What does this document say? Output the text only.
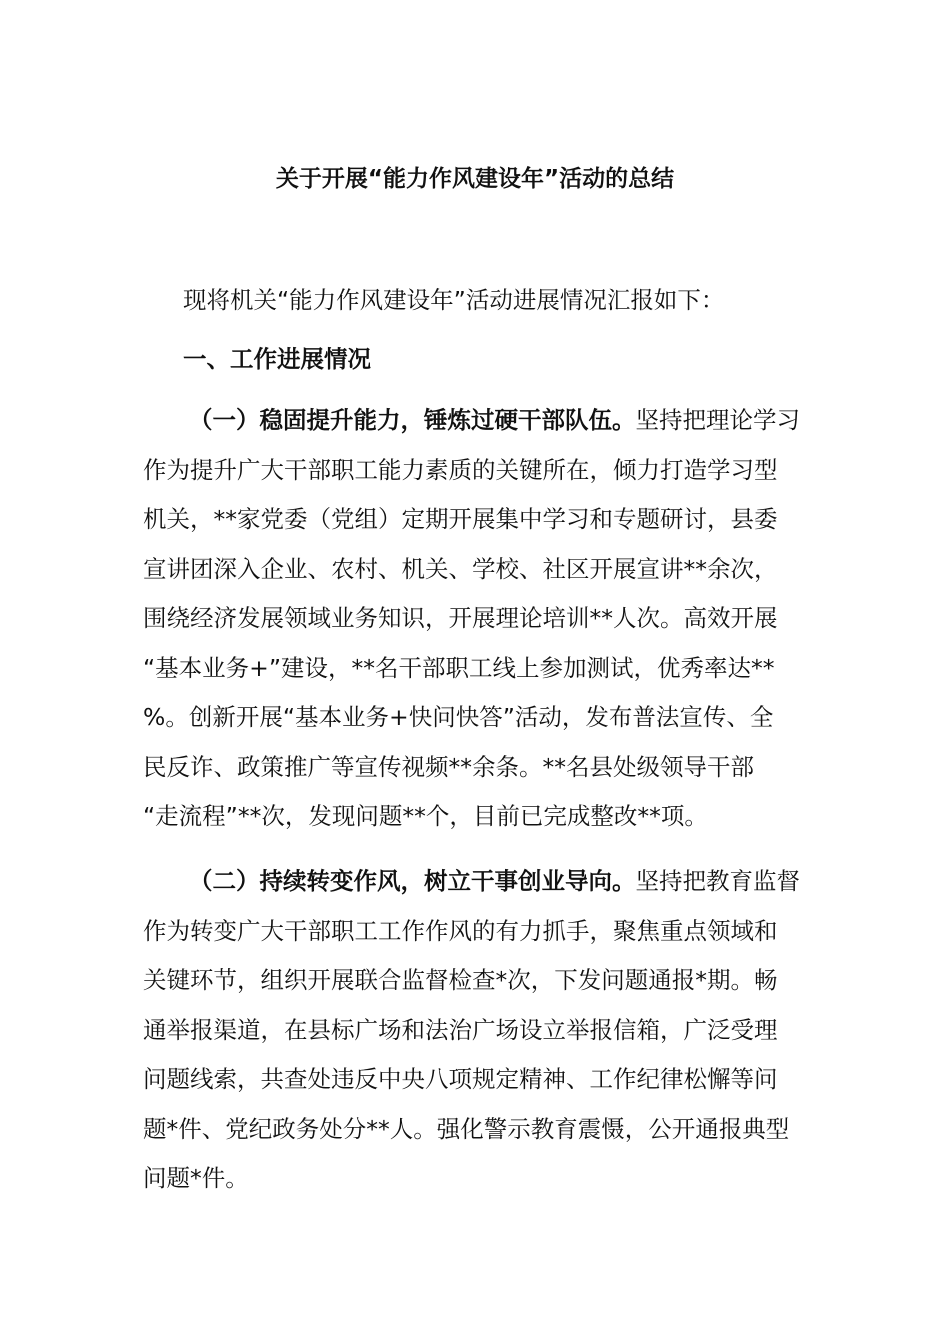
关于开展“能力作风建设年”活动的总结

现将机关“能力作风建设年”活动进展情况汇报如下：

一、工作进展情况
（一）稳固提升能力，锤炼过硬干部队伍。坚持把理论学习
作为提升广大干部职工能力素质的关键所在，倾力打造学习型
机关，**家党委（党组）定期开展集中学习和专题研讨，县委
宣讲团深入企业、农村、机关、学校、社区开展宣讲**余次，
围绕经济发展领域业务知识，开展理论培训**人次。高效开展
“基本业务+”建设，**名干部职工线上参加测试，优秀率达**
%。创新开展“基本业务+快问快答”活动，发布普法宣传、全
民反诈、政策推广等宣传视频**余条。**名县处级领导干部
“走流程”**次，发现问题**个，目前已完成整改**项。
（二）持续转变作风，树立干事创业导向。坚持把教育监督
作为转变广大干部职工工作作风的有力抓手，聚焦重点领域和
关键环节，组织开展联合监督检查*次，下发问题通报*期。畅
通举报渠道，在县标广场和法治广场设立举报信箱，广泛受理
问题线索，共查处违反中央八项规定精神、工作纪律松懈等问
题*件、党纪政务处分**人。强化警示教育震慑，公开通报典型
问题*件。
